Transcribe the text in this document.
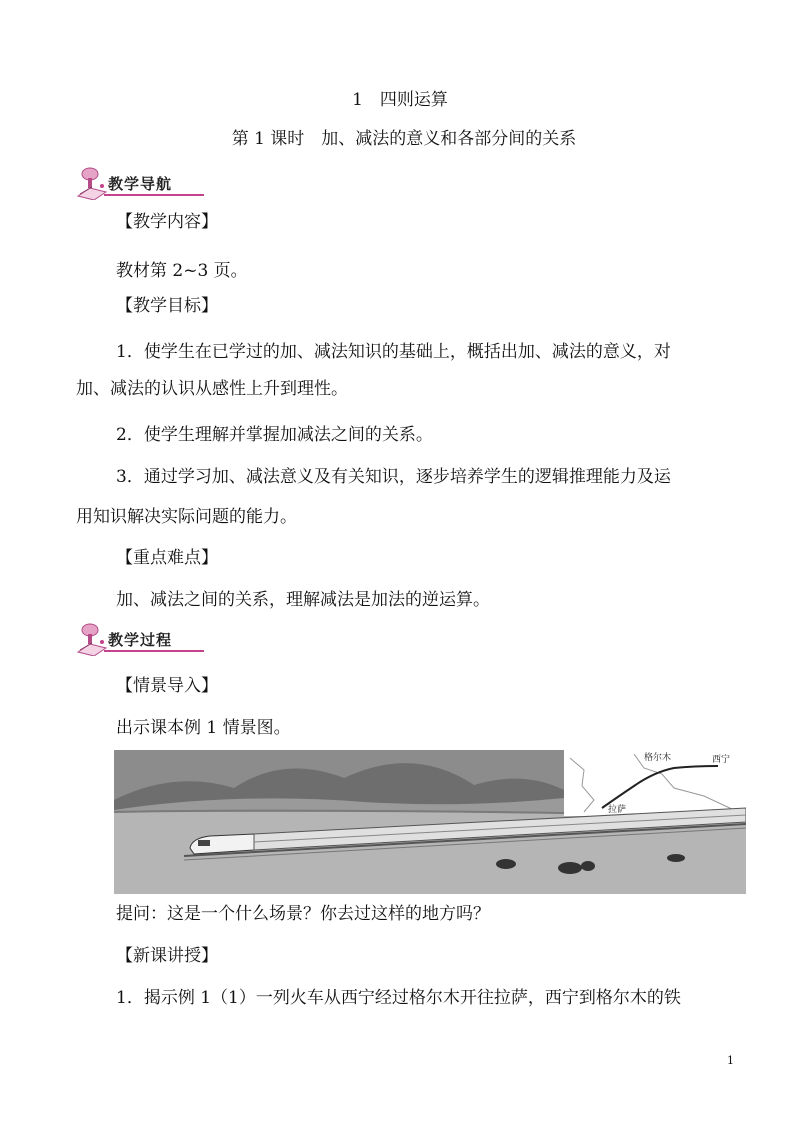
1　四则运算
第 1 课时　加、减法的意义和各部分间的关系
教学导航
【教学内容】
教材第 2~3 页。
【教学目标】
1．使学生在已学过的加、减法知识的基础上，概括出加、减法的意义，对
加、减法的认识从感性上升到理性。
2．使学生理解并掌握加减法之间的关系。
3．通过学习加、减法意义及有关知识，逐步培养学生的逻辑推理能力及运
用知识解决实际问题的能力。
【重点难点】
加、减法之间的关系，理解减法是加法的逆运算。
教学过程
【情景导入】
出示课本例 1 情景图。
格尔木	西宁
拉萨
提问：这是一个什么场景？你去过这样的地方吗？
【新课讲授】
1．揭示例 1（1）一列火车从西宁经过格尔木开往拉萨，西宁到格尔木的铁
1
